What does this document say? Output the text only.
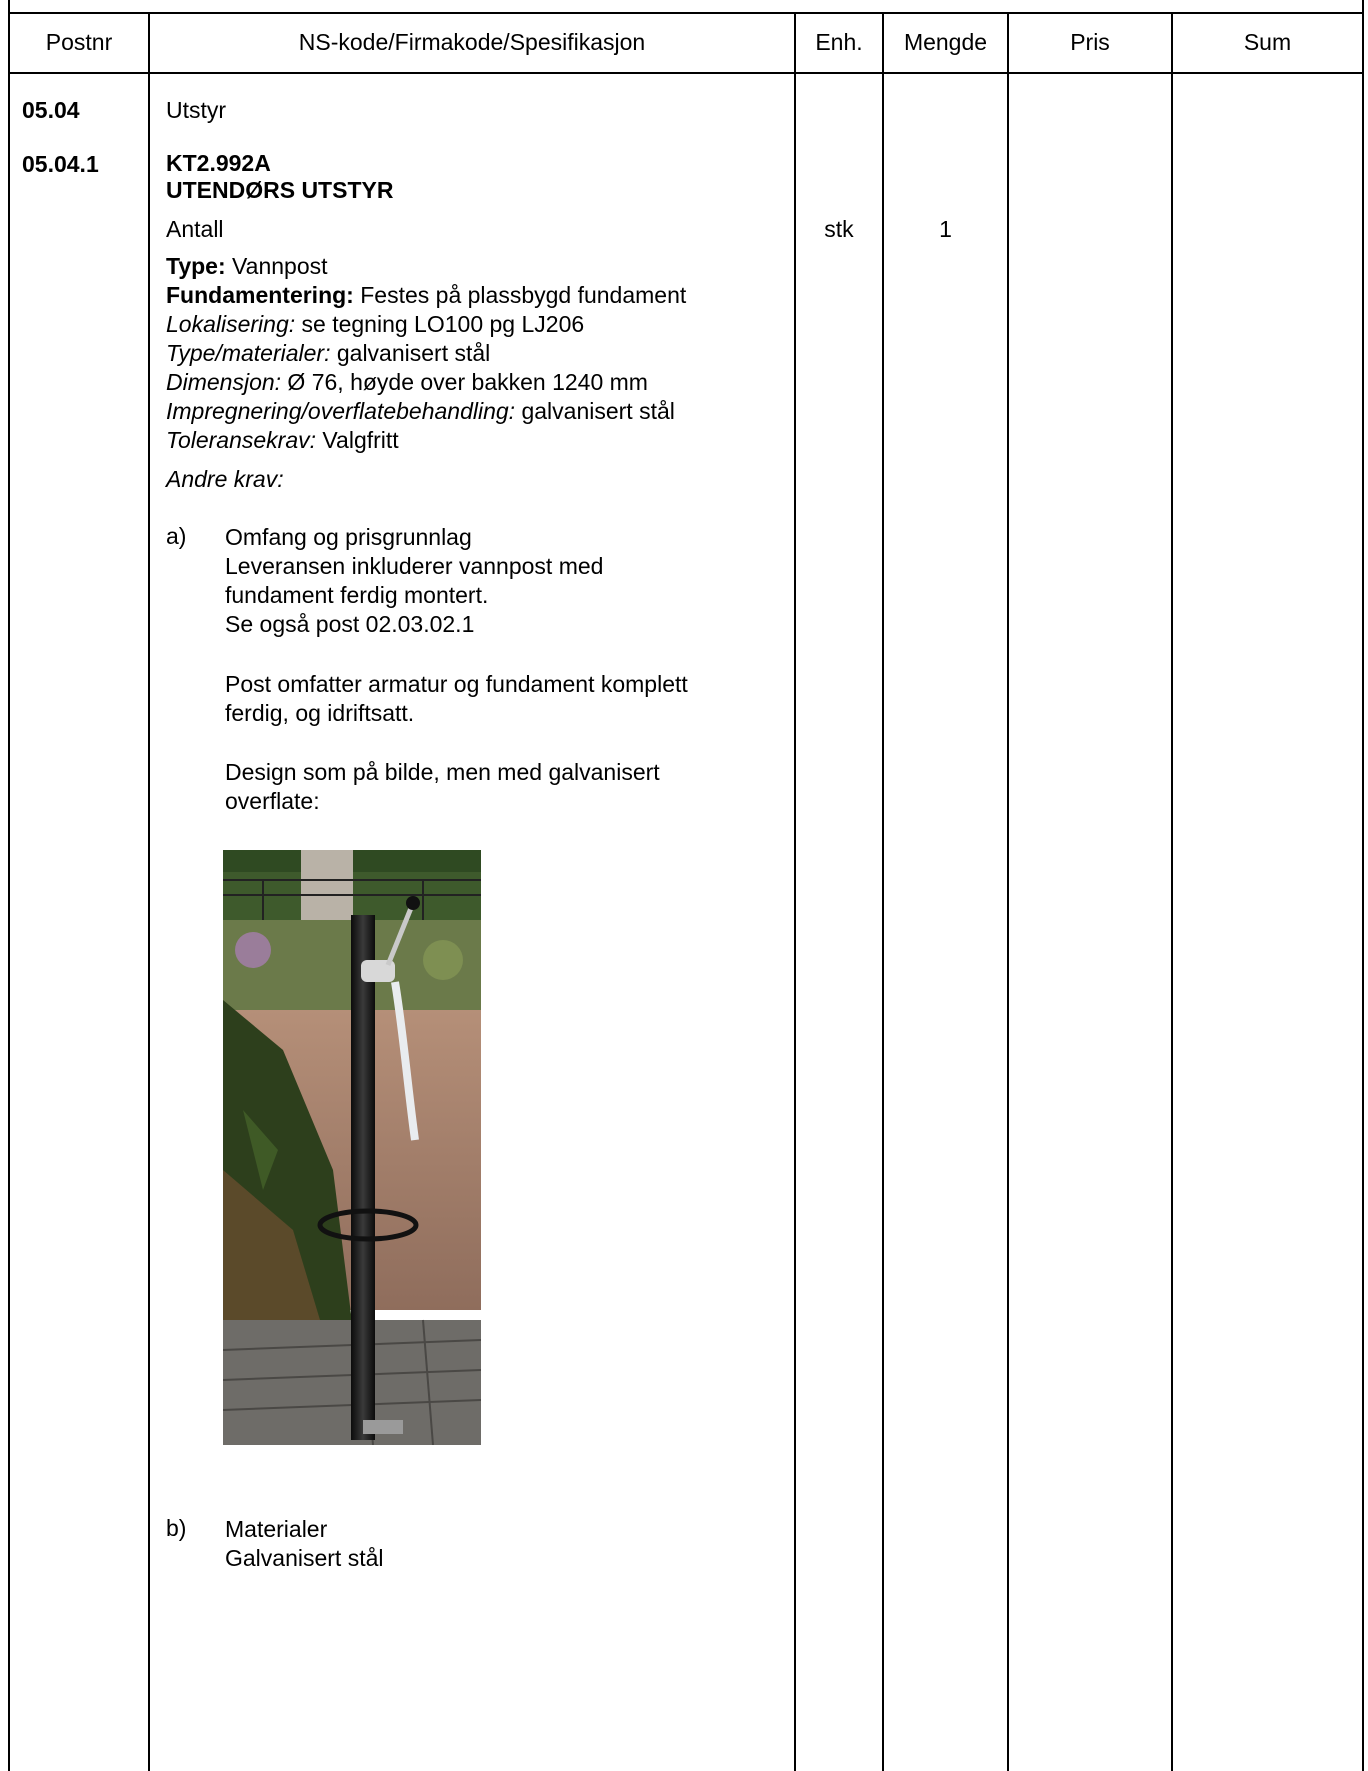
Postnr	NS-kode/Firmakode/Spesifikasjon	Enh.	Mengde	Pris	Sum
05.04	Utstyr
05.04.1	KT2.992A
UTENDØRS UTSTYR
Antall	stk	1
Type: Vannpost
Fundamentering: Festes på plassbygd fundament
Lokalisering: se tegning LO100 pg LJ206
Type/materialer: galvanisert stål
Dimensjon: Ø 76, høyde over bakken 1240 mm
Impregnering/overflatebehandling: galvanisert stål
Toleransekrav: Valgfritt
Andre krav:
a) Omfang og prisgrunnlag
Leveransen inkluderer vannpost med
fundament ferdig montert.
Se også post 02.03.02.1
Post omfatter armatur og fundament komplett
ferdig, og idriftsatt.
Design som på bilde, men med galvanisert
overflate:
b) Materialer
Galvanisert stål
